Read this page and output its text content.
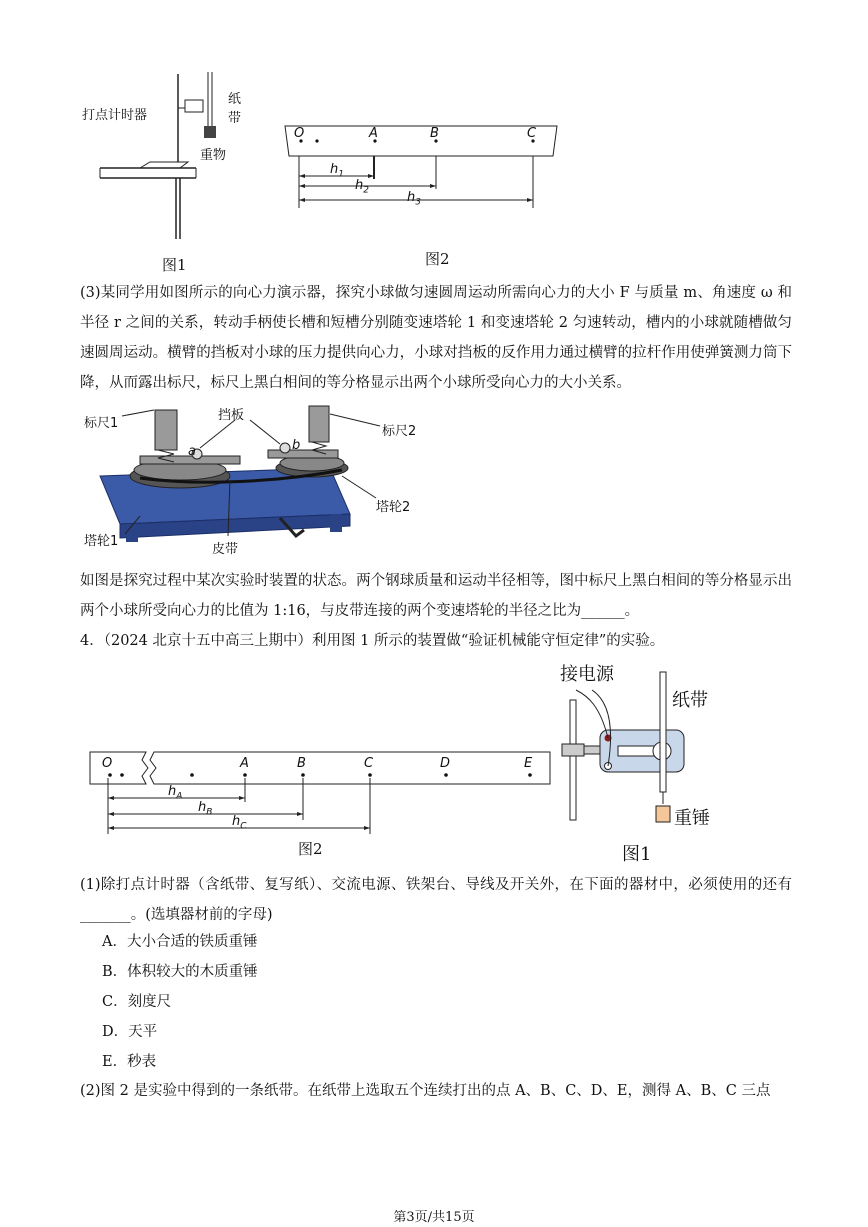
打点计时器
纸带
重物
图1
O	A	B	C
$h_1$
$h_2$	$h_3$
图2
(3)某同学用如图所示的向心力演示器，探究小球做匀速圆周运动所需向心力的大小 F 与质量 m、角速度 ω 和半径 r 之间的关系，转动手柄使长槽和短槽分别随变速塔轮 1 和变速塔轮 2 匀速转动，槽内的小球就随槽做匀速圆周运动。横臂的挡板对小球的压力提供向心力，小球对挡板的反作用力通过横臂的拉杆作用使弹簧测力筒下降，从而露出标尺，标尺上黑白相间的等分格显示出两个小球所受向心力的大小关系。
标尺1
挡板
标尺2
a	b
塔轮2
塔轮1
皮带
如图是探究过程中某次实验时装置的状态。两个钢球质量和运动半径相等，图中标尺上黑白相间的等分格显示出两个小球所受向心力的比值为 1:16，与皮带连接的两个变速塔轮的半径之比为______。
4．（2024 北京十五中高三上期中）利用图 1 所示的装置做“验证机械能守恒定律”的实验。
O	A	B	C	D	E
$h_A$
$h_B$
$h_C$
图2
接电源
纸带
重锤
图1
(1)除打点计时器（含纸带、复写纸）、交流电源、铁架台、导线及开关外，在下面的器材中，必须使用的还有_______。(选填器材前的字母)
A．大小合适的铁质重锤
B．体积较大的木质重锤
C．刻度尺
D．天平
E．秒表
(2)图 2 是实验中得到的一条纸带。在纸带上选取五个连续打出的点 A、B、C、D、E，测得 A、B、C 三点
第3页/共15页
